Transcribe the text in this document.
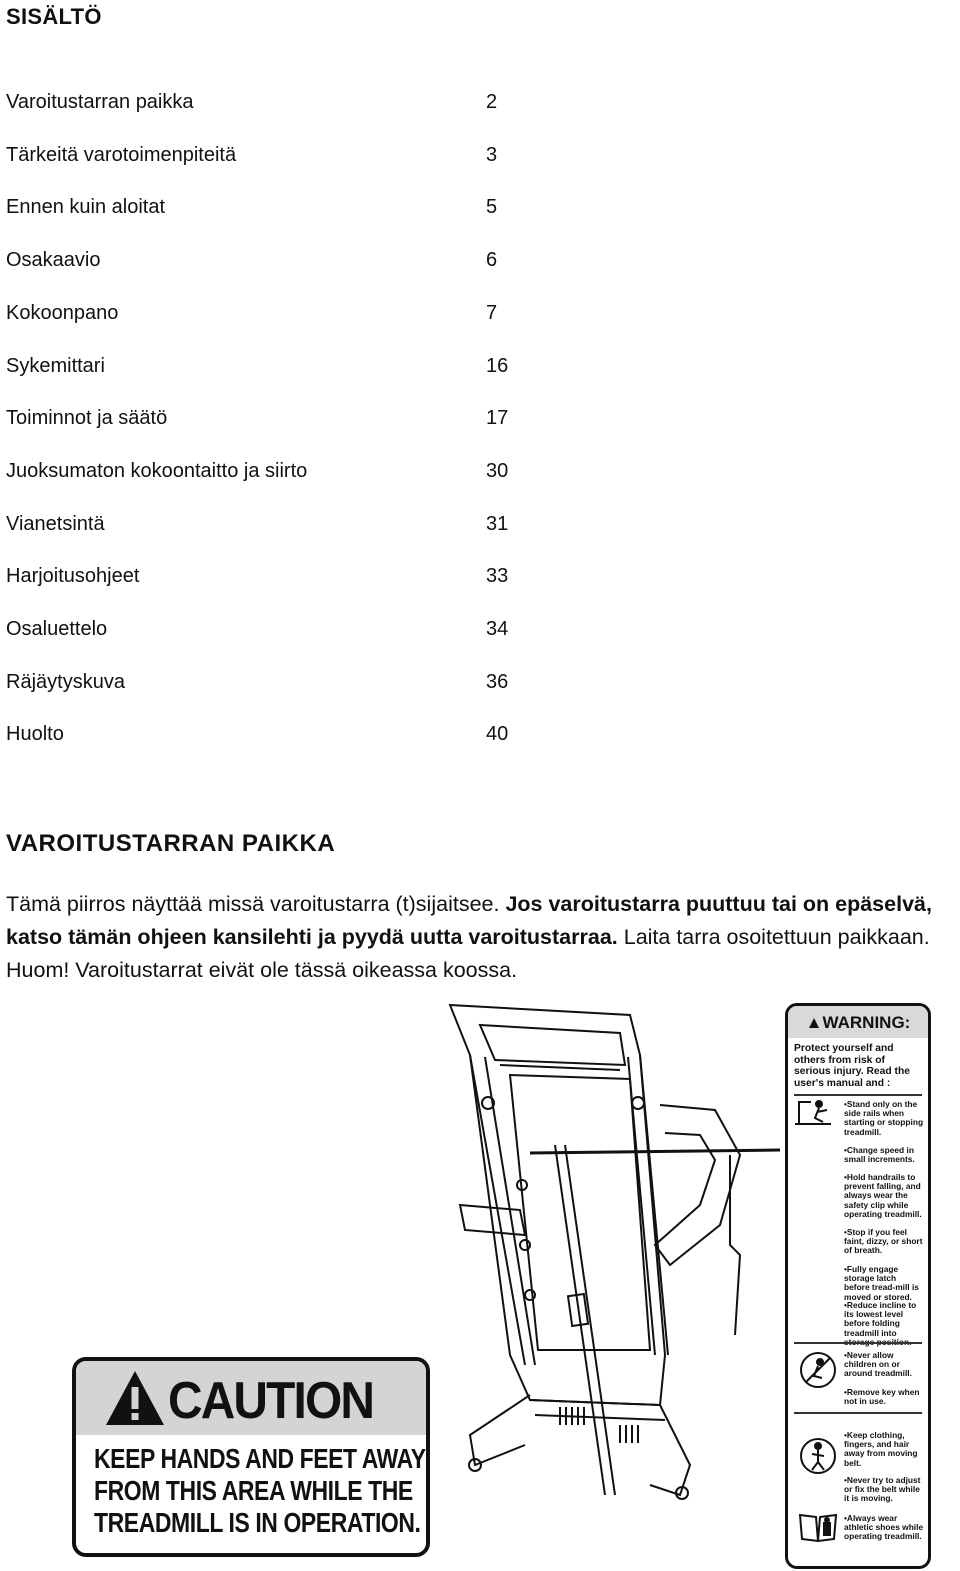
SISÄLTÖ
Varoitustarran paikka	2
Tärkeitä varotoimenpiteitä	3
Ennen kuin aloitat	5
Osakaavio	6
Kokoonpano	7
Sykemittari	16
Toiminnot ja säätö	17
Juoksumaton kokoontaitto ja siirto	30
Vianetsintä	31
Harjoitusohjeet	33
Osaluettelo	34
Räjäytyskuva	36
Huolto	40
VAROITUSTARRAN PAIKKA
Tämä piirros näyttää missä varoitustarra (t)sijaitsee. Jos varoitustarra puuttuu tai on epäselvä, katso tämän ohjeen kansilehti ja pyydä uutta varoitustarraa. Laita tarra osoitettuun paikkaan. Huom! Varoitustarrat eivät ole tässä oikeassa koossa.
▲WARNING:
Protect yourself and others from risk of serious injury. Read the user's manual and :
•Stand only on the side rails when starting or stopping treadmill.
•Change speed in small increments.
•Hold handrails to prevent falling, and always wear the safety clip while operating treadmill.
•Stop if you feel faint, dizzy, or short of breath.
•Fully engage storage latch before tread-mill is moved or stored.
•Reduce incline to its lowest level before folding treadmill into
•Never allow children on or around treadmill.
•Remove key when not in use.
•Keep clothing, fingers, and hair away from moving belt.
•Never try to adjust or fix the belt while it is moving.
•Always wear athletic shoes while operating treadmill.
CAUTION
KEEP HANDS AND FEET AWAY
FROM THIS AREA WHILE THE
TREADMILL IS IN OPERATION.
